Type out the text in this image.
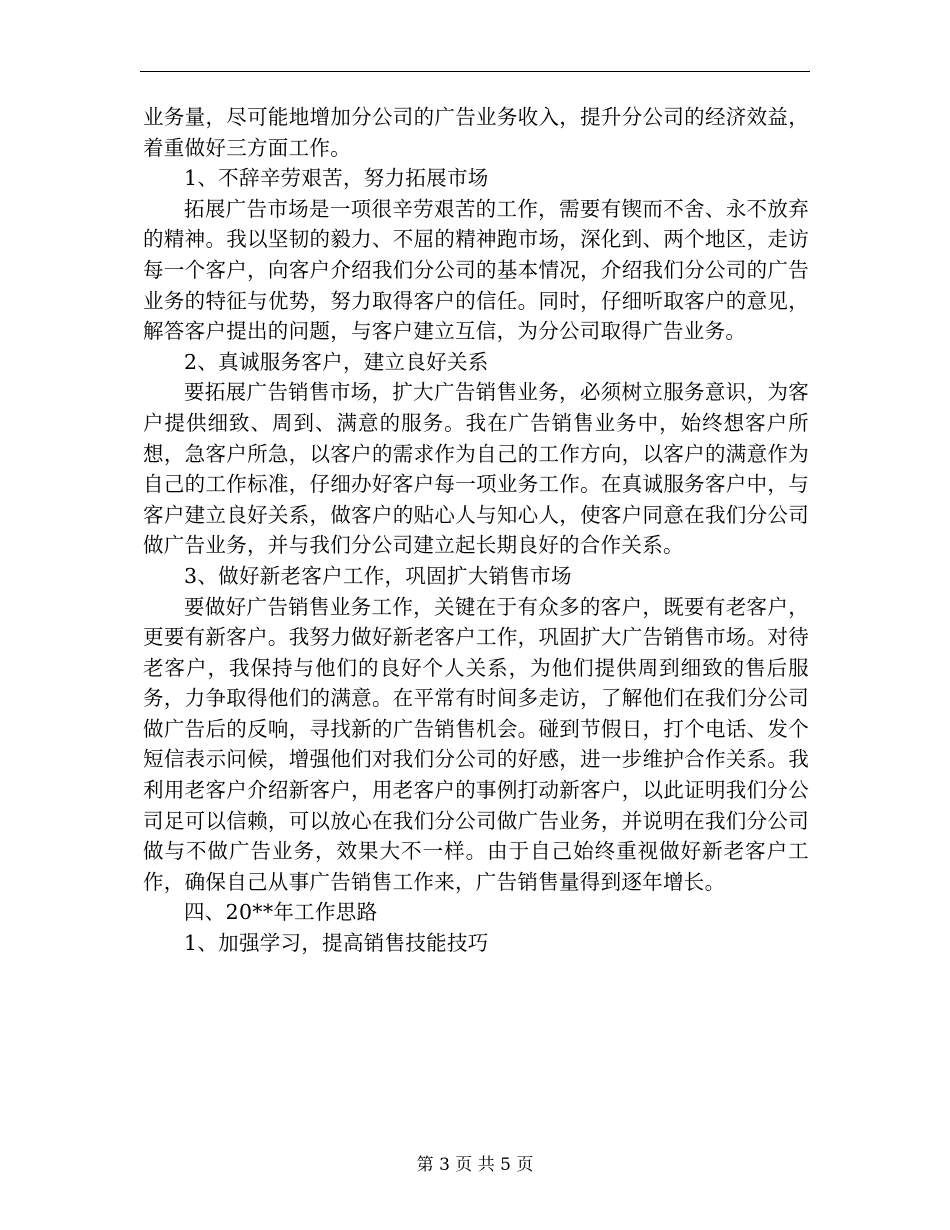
业务量，尽可能地增加分公司的广告业务收入，提升分公司的经济效益，着重做好三方面工作。

1、不辞辛劳艰苦，努力拓展市场

拓展广告市场是一项很辛劳艰苦的工作，需要有锲而不舍、永不放弃的精神。我以坚韧的毅力、不屈的精神跑市场，深化到、两个地区，走访每一个客户，向客户介绍我们分公司的基本情况，介绍我们分公司的广告业务的特征与优势，努力取得客户的信任。同时，仔细听取客户的意见，解答客户提出的问题，与客户建立互信，为分公司取得广告业务。

2、真诚服务客户，建立良好关系

要拓展广告销售市场，扩大广告销售业务，必须树立服务意识，为客户提供细致、周到、满意的服务。我在广告销售业务中，始终想客户所想，急客户所急，以客户的需求作为自己的工作方向，以客户的满意作为自己的工作标准，仔细办好客户每一项业务工作。在真诚服务客户中，与客户建立良好关系，做客户的贴心人与知心人，使客户同意在我们分公司做广告业务，并与我们分公司建立起长期良好的合作关系。

3、做好新老客户工作，巩固扩大销售市场

要做好广告销售业务工作，关键在于有众多的客户，既要有老客户，更要有新客户。我努力做好新老客户工作，巩固扩大广告销售市场。对待老客户，我保持与他们的良好个人关系，为他们提供周到细致的售后服务，力争取得他们的满意。在平常有时间多走访，了解他们在我们分公司做广告后的反响，寻找新的广告销售机会。碰到节假日，打个电话、发个短信表示问候，增强他们对我们分公司的好感，进一步维护合作关系。我利用老客户介绍新客户，用老客户的事例打动新客户，以此证明我们分公司足可以信赖，可以放心在我们分公司做广告业务，并说明在我们分公司做与不做广告业务，效果大不一样。由于自己始终重视做好新老客户工作，确保自己从事广告销售工作来，广告销售量得到逐年增长。

四、20**年工作思路

1、加强学习，提高销售技能技巧

第 3 页 共 5 页
